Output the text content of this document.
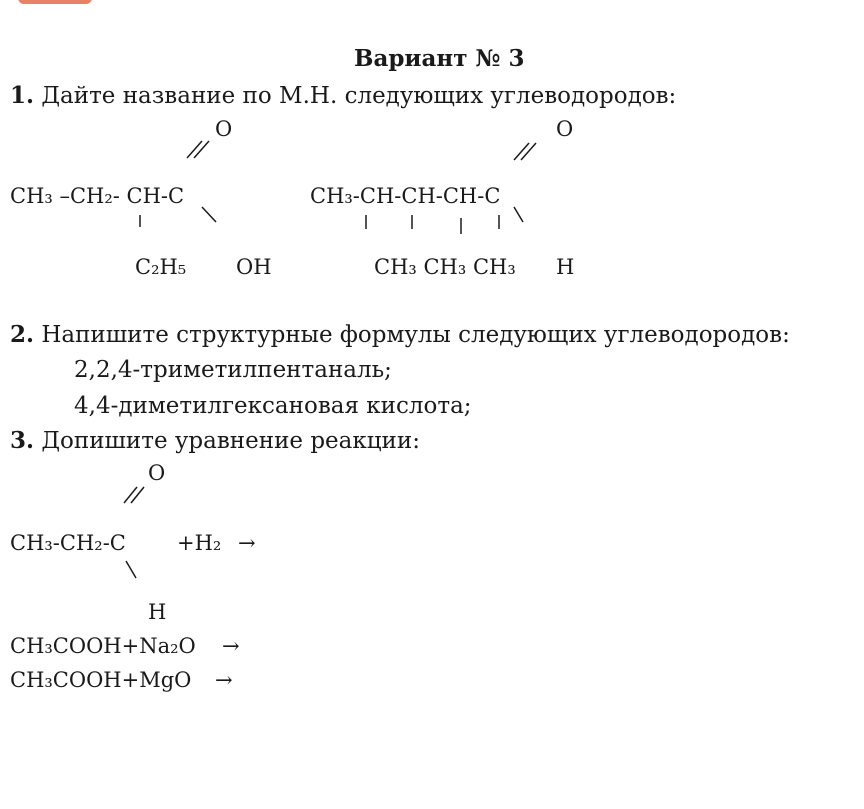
Вариант № 3
1. Дайте название по М.Н. следующих углеводородов:
O
CH₃ –CH₂- CH-C
C₂H₅ OH
O
CH₃-CH-CH-CH-C
CH₃ CH₃ CH₃ H
2. Напишите структурные формулы следующих углеводородов:
2,2,4-триметилпентаналь;
4,4-диметилгексановая кислота;
3. Допишите уравнение реакции:
O
CH₃-CH₂-C +H₂ →
H
CH₃COOH+Na₂O →
CH₃COOH+MgO →
